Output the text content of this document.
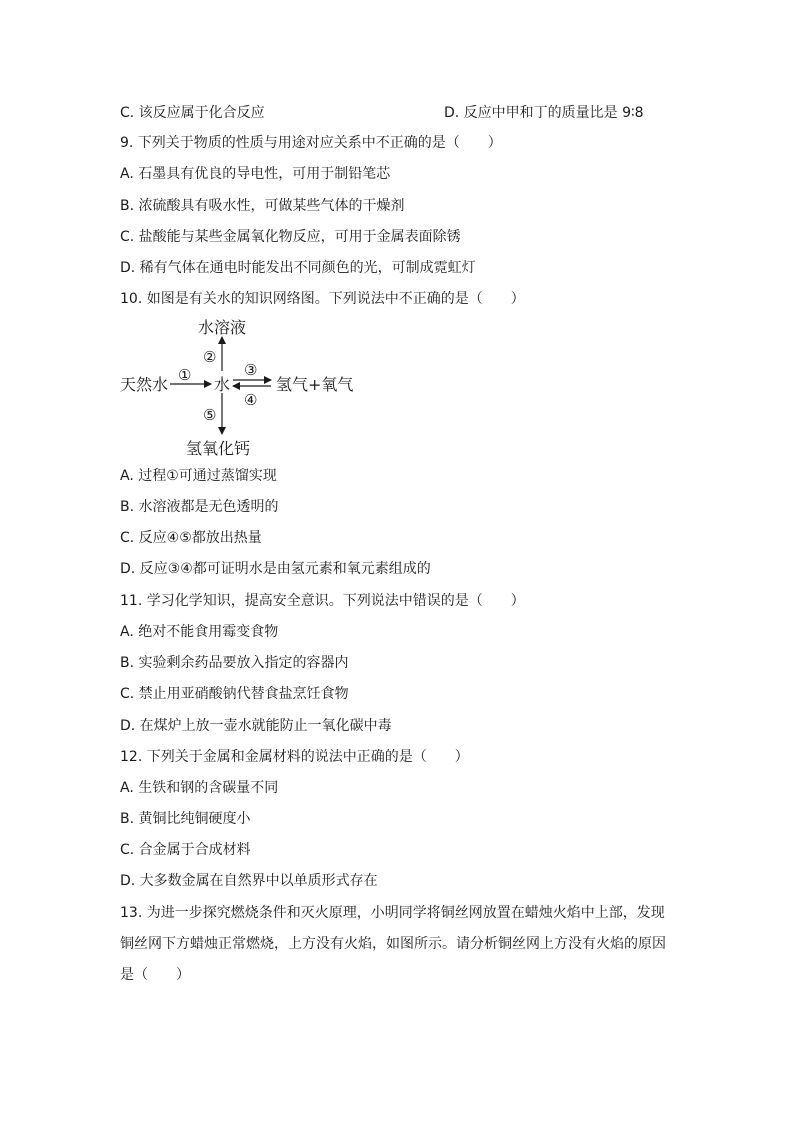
C. 该反应属于化合反应	D. 反应中甲和丁的质量比是 9∶8
9. 下列关于物质的性质与用途对应关系中不正确的是（　　）
A. 石墨具有优良的导电性，可用于制铅笔芯
B. 浓硫酸具有吸水性，可做某些气体的干燥剂
C. 盐酸能与某些金属氧化物反应，可用于金属表面除锈
D. 稀有气体在通电时能发出不同颜色的光，可制成霓虹灯
10. 如图是有关水的知识网络图。下列说法中不正确的是（　　）
水溶液
天然水	水	氢气+氧气
氢氧化钙
①
②
③
④
⑤
A. 过程①可通过蒸馏实现
B. 水溶液都是无色透明的
C. 反应④⑤都放出热量
D. 反应③④都可证明水是由氢元素和氧元素组成的
11. 学习化学知识，提高安全意识。下列说法中错误的是（　　）
A. 绝对不能食用霉变食物
B. 实验剩余药品要放入指定的容器内
C. 禁止用亚硝酸钠代替食盐烹饪食物
D. 在煤炉上放一壶水就能防止一氧化碳中毒
12. 下列关于金属和金属材料的说法中正确的是（　　）
A. 生铁和钢的含碳量不同
B. 黄铜比纯铜硬度小
C. 合金属于合成材料
D. 大多数金属在自然界中以单质形式存在
13. 为进一步探究燃烧条件和灭火原理，小明同学将铜丝网放置在蜡烛火焰中上部，发现
铜丝网下方蜡烛正常燃烧，上方没有火焰，如图所示。请分析铜丝网上方没有火焰的原因
是（　　）
